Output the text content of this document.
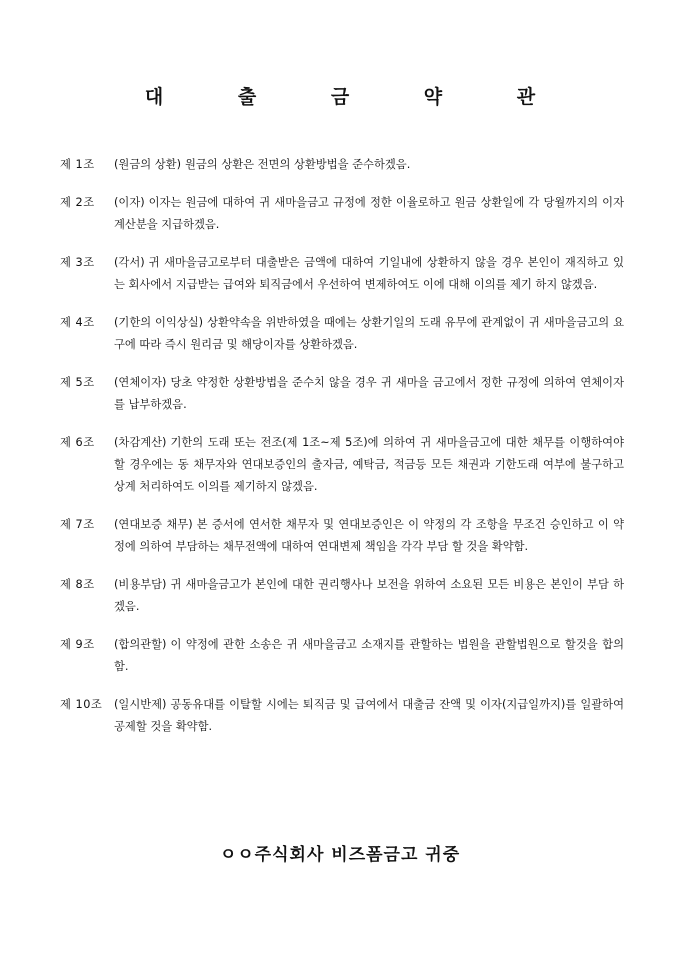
대 출 금 약 관
제 1조	(원금의 상환) 원금의 상환은 전면의 상환방법을 준수하겠음.
제 2조	(이자) 이자는 원금에 대하여 귀 새마을금고 규정에 정한 이율로하고 원금 상환일에 각 당월까지의 이자 계산분을 지급하겠음.
제 3조	(각서) 귀 새마을금고로부터 대출받은 금액에 대하여 기일내에 상환하지 않을 경우 본인이 재직하고 있는 회사에서 지급받는 급여와 퇴직금에서 우선하여 변제하여도 이에 대해 이의를 제기 하지 않겠음.
제 4조	(기한의 이익상실) 상환약속을 위반하였을 때에는 상환기일의 도래 유무에 관계없이 귀 새마을금고의 요구에 따라 즉시 원리금 및 해당이자를 상환하겠음.
제 5조	(연체이자) 당초 약정한 상환방법을 준수치 않을 경우 귀 새마을 금고에서 정한 규정에 의하여 연체이자를 납부하겠음.
제 6조	(차감계산) 기한의 도래 또는 전조(제 1조~제 5조)에 의하여 귀 새마을금고에 대한 채무를 이행하여야 할 경우에는 동 채무자와 연대보증인의 출자금, 예탁금, 적금등 모든 채권과 기한도래 여부에 불구하고 상계 처리하여도 이의를 제기하지 않겠음.
제 7조	(연대보증 채무) 본 증서에 연서한 채무자 및 연대보증인은 이 약정의 각 조항을 무조건 승인하고 이 약정에 의하여 부담하는 채무전액에 대하여 연대변제 책임을 각각 부담 할 것을 확약함.
제 8조	(비용부담) 귀 새마을금고가 본인에 대한 권리행사나 보전을 위하여 소요된 모든 비용은 본인이 부담 하겠음.
제 9조	(합의관할) 이 약정에 관한 소송은 귀 새마을금고 소재지를 관할하는 법원을 관할법원으로 할것을 합의함.
제 10조	(일시반제) 공동유대를 이탈할 시에는 퇴직금 및 급여에서 대출금 잔액 및 이자(지급일까지)를 일괄하여 공제할 것을 확약함.
ㅇㅇ주식회사 비즈폼금고 귀중
